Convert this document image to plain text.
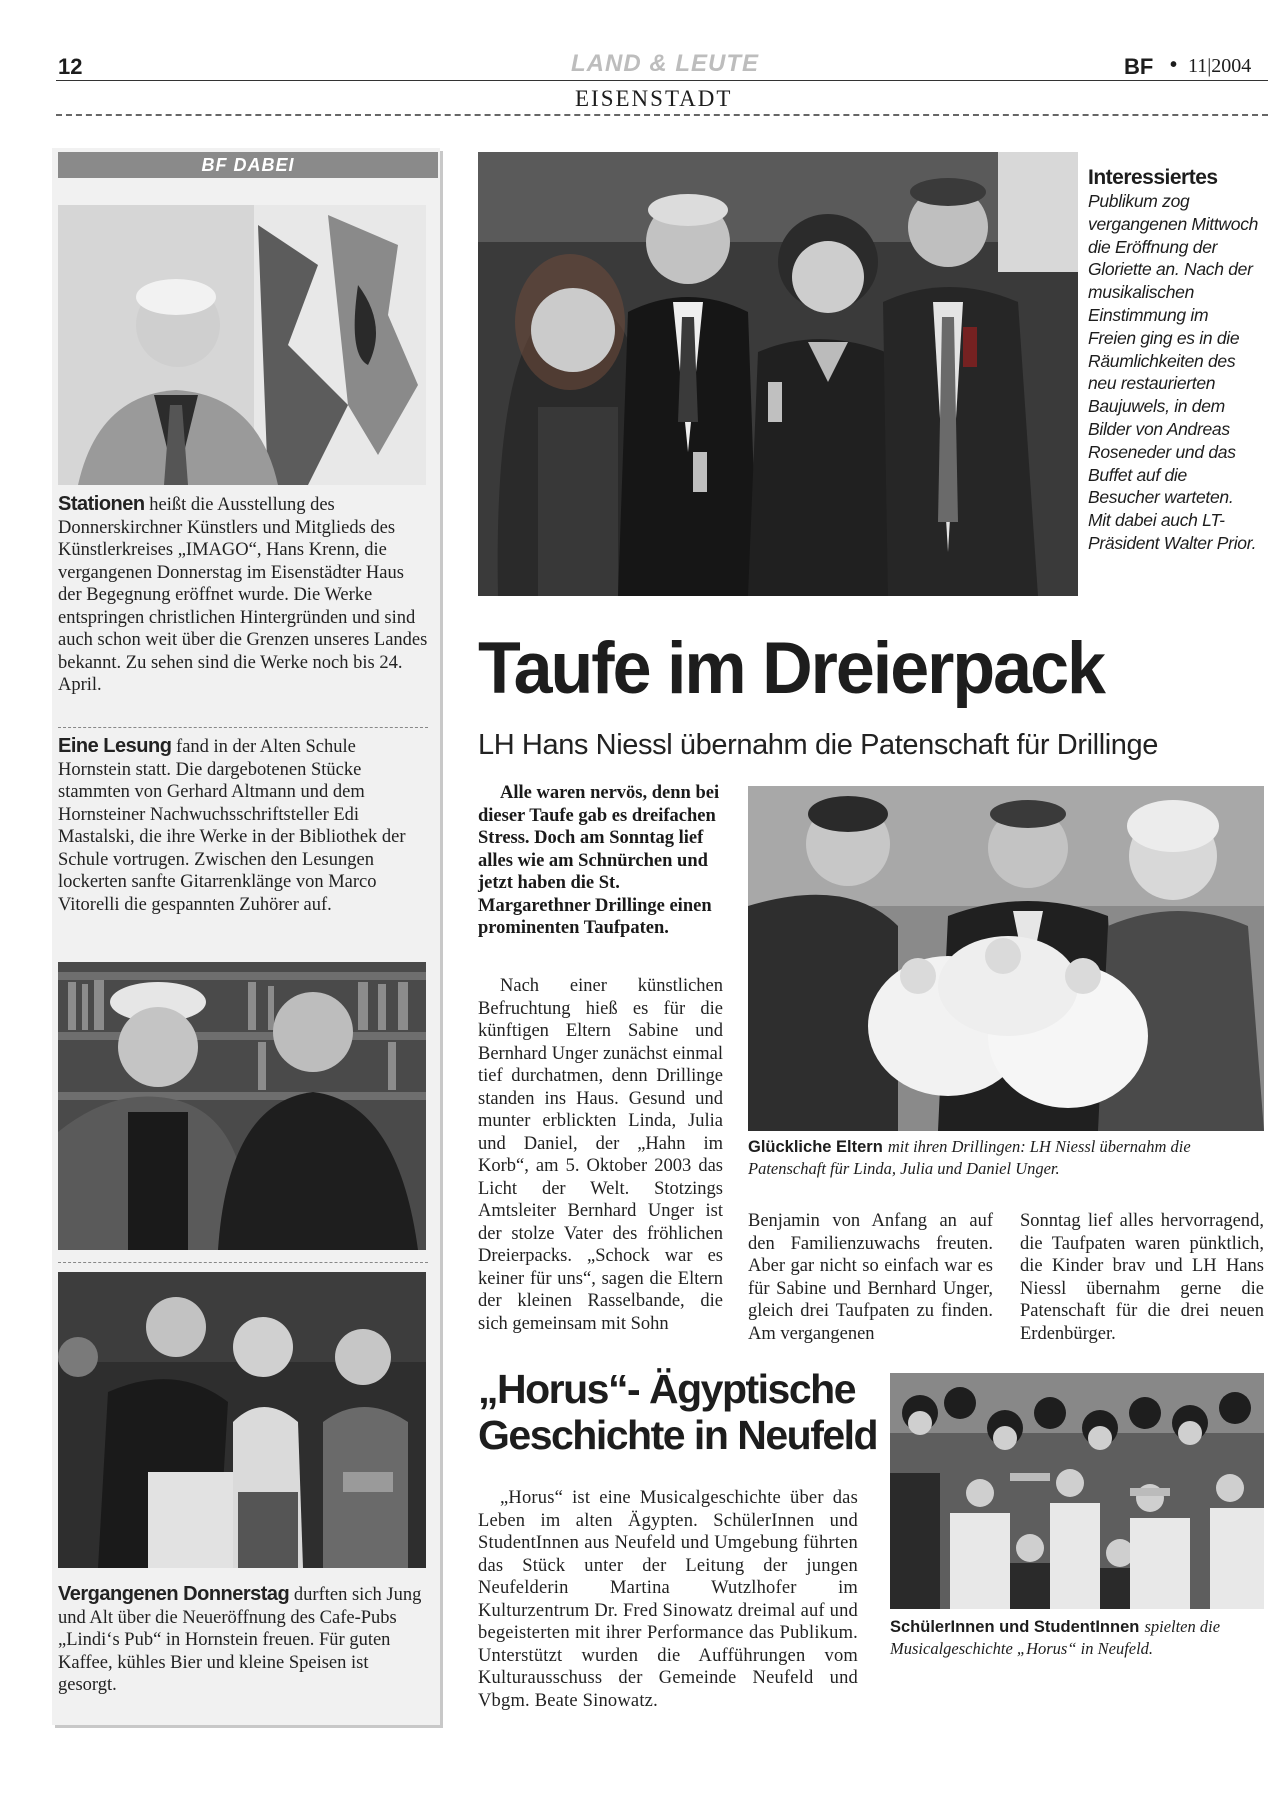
12	LAND & LEUTE
EISENSTADT
BF • 11|2004
BF DABEI

Stationen heißt die Ausstellung des Donnerskirchner Künstlers und Mitglieds des Künstlerkreises „IMAGO“, Hans Krenn, die vergangenen Donnerstag im Eisenstädter Haus der Begegnung eröffnet wurde. Die Werke entspringen christlichen Hintergründen und sind auch schon weit über die Grenzen unseres Landes bekannt. Zu sehen sind die Werke noch bis 24. April.

Eine Lesung fand in der Alten Schule Hornstein statt. Die dargebotenen Stücke stammten von Gerhard Altmann und dem Hornsteiner Nachwuchsschriftsteller Edi Mastalski, die ihre Werke in der Bibliothek der Schule vortrugen. Zwischen den Lesungen lockerten sanfte Gitarrenklänge von Marco Vitorelli die gespannten Zuhörer auf.

Vergangenen Donnerstag durften sich Jung und Alt über die Neueröffnung des Cafe-Pubs „Lindi‘s Pub“ in Hornstein freuen. Für guten Kaffee, kühles Bier und kleine Speisen ist gesorgt.

Interessiertes
Publikum zog vergangenen Mittwoch die Eröffnung der Gloriette an. Nach der musikalischen Einstimmung im Freien ging es in die Räumlichkeiten des neu restaurierten Baujuwels, in dem Bilder von Andreas Roseneder und das Buffet auf die Besucher warteten. Mit dabei auch LT-Präsident Walter Prior.
Taufe im Dreierpack
LH Hans Niessl übernahm die Patenschaft für Drillinge

Alle waren nervös, denn bei dieser Taufe gab es dreifachen Stress. Doch am Sonntag lief alles wie am Schnürchen und jetzt haben die St. Margarethner Drillinge einen prominenten Taufpaten.

Nach einer künstlichen Befruchtung hieß es für die künftigen Eltern Sabine und Bernhard Unger zunächst einmal tief durchatmen, denn Drillinge standen ins Haus. Gesund und munter erblickten Linda, Julia und Daniel, der „Hahn im Korb“, am 5. Oktober 2003 das Licht der Welt. Stotzings Amtsleiter Bernhard Unger ist der stolze Vater des fröhlichen Dreierpacks. „Schock war es keiner für uns“, sagen die Eltern der kleinen Rasselbande, die sich gemeinsam mit Sohn

Glückliche Eltern mit ihren Drillingen: LH Niessl übernahm die Patenschaft für Linda, Julia und Daniel Unger.

Benjamin von Anfang an auf den Familienzuwachs freuten. Aber gar nicht so einfach war es für Sabine und Bernhard Unger, gleich drei Taufpaten zu finden. Am vergangenen

Sonntag lief alles hervorragend, die Taufpaten waren pünktlich, die Kinder brav und LH Hans Niessl übernahm gerne die Patenschaft für die drei neuen Erdenbürger.

„Horus“- Ägyptische
Geschichte in Neufeld

„Horus“ ist eine Musicalgeschichte über das Leben im alten Ägypten. SchülerInnen und StudentInnen aus Neufeld und Umgebung führten das Stück unter der Leitung der jungen Neufelderin Martina Wutzlhofer im Kulturzentrum Dr. Fred Sinowatz dreimal auf und begeisterten mit ihrer Performance das Publikum. Unterstützt wurden die Aufführungen vom Kulturausschuss der Gemeinde Neufeld und Vbgm. Beate Sinowatz.

SchülerInnen und StudentInnen spielten die Musicalgeschichte „Horus“ in Neufeld.
